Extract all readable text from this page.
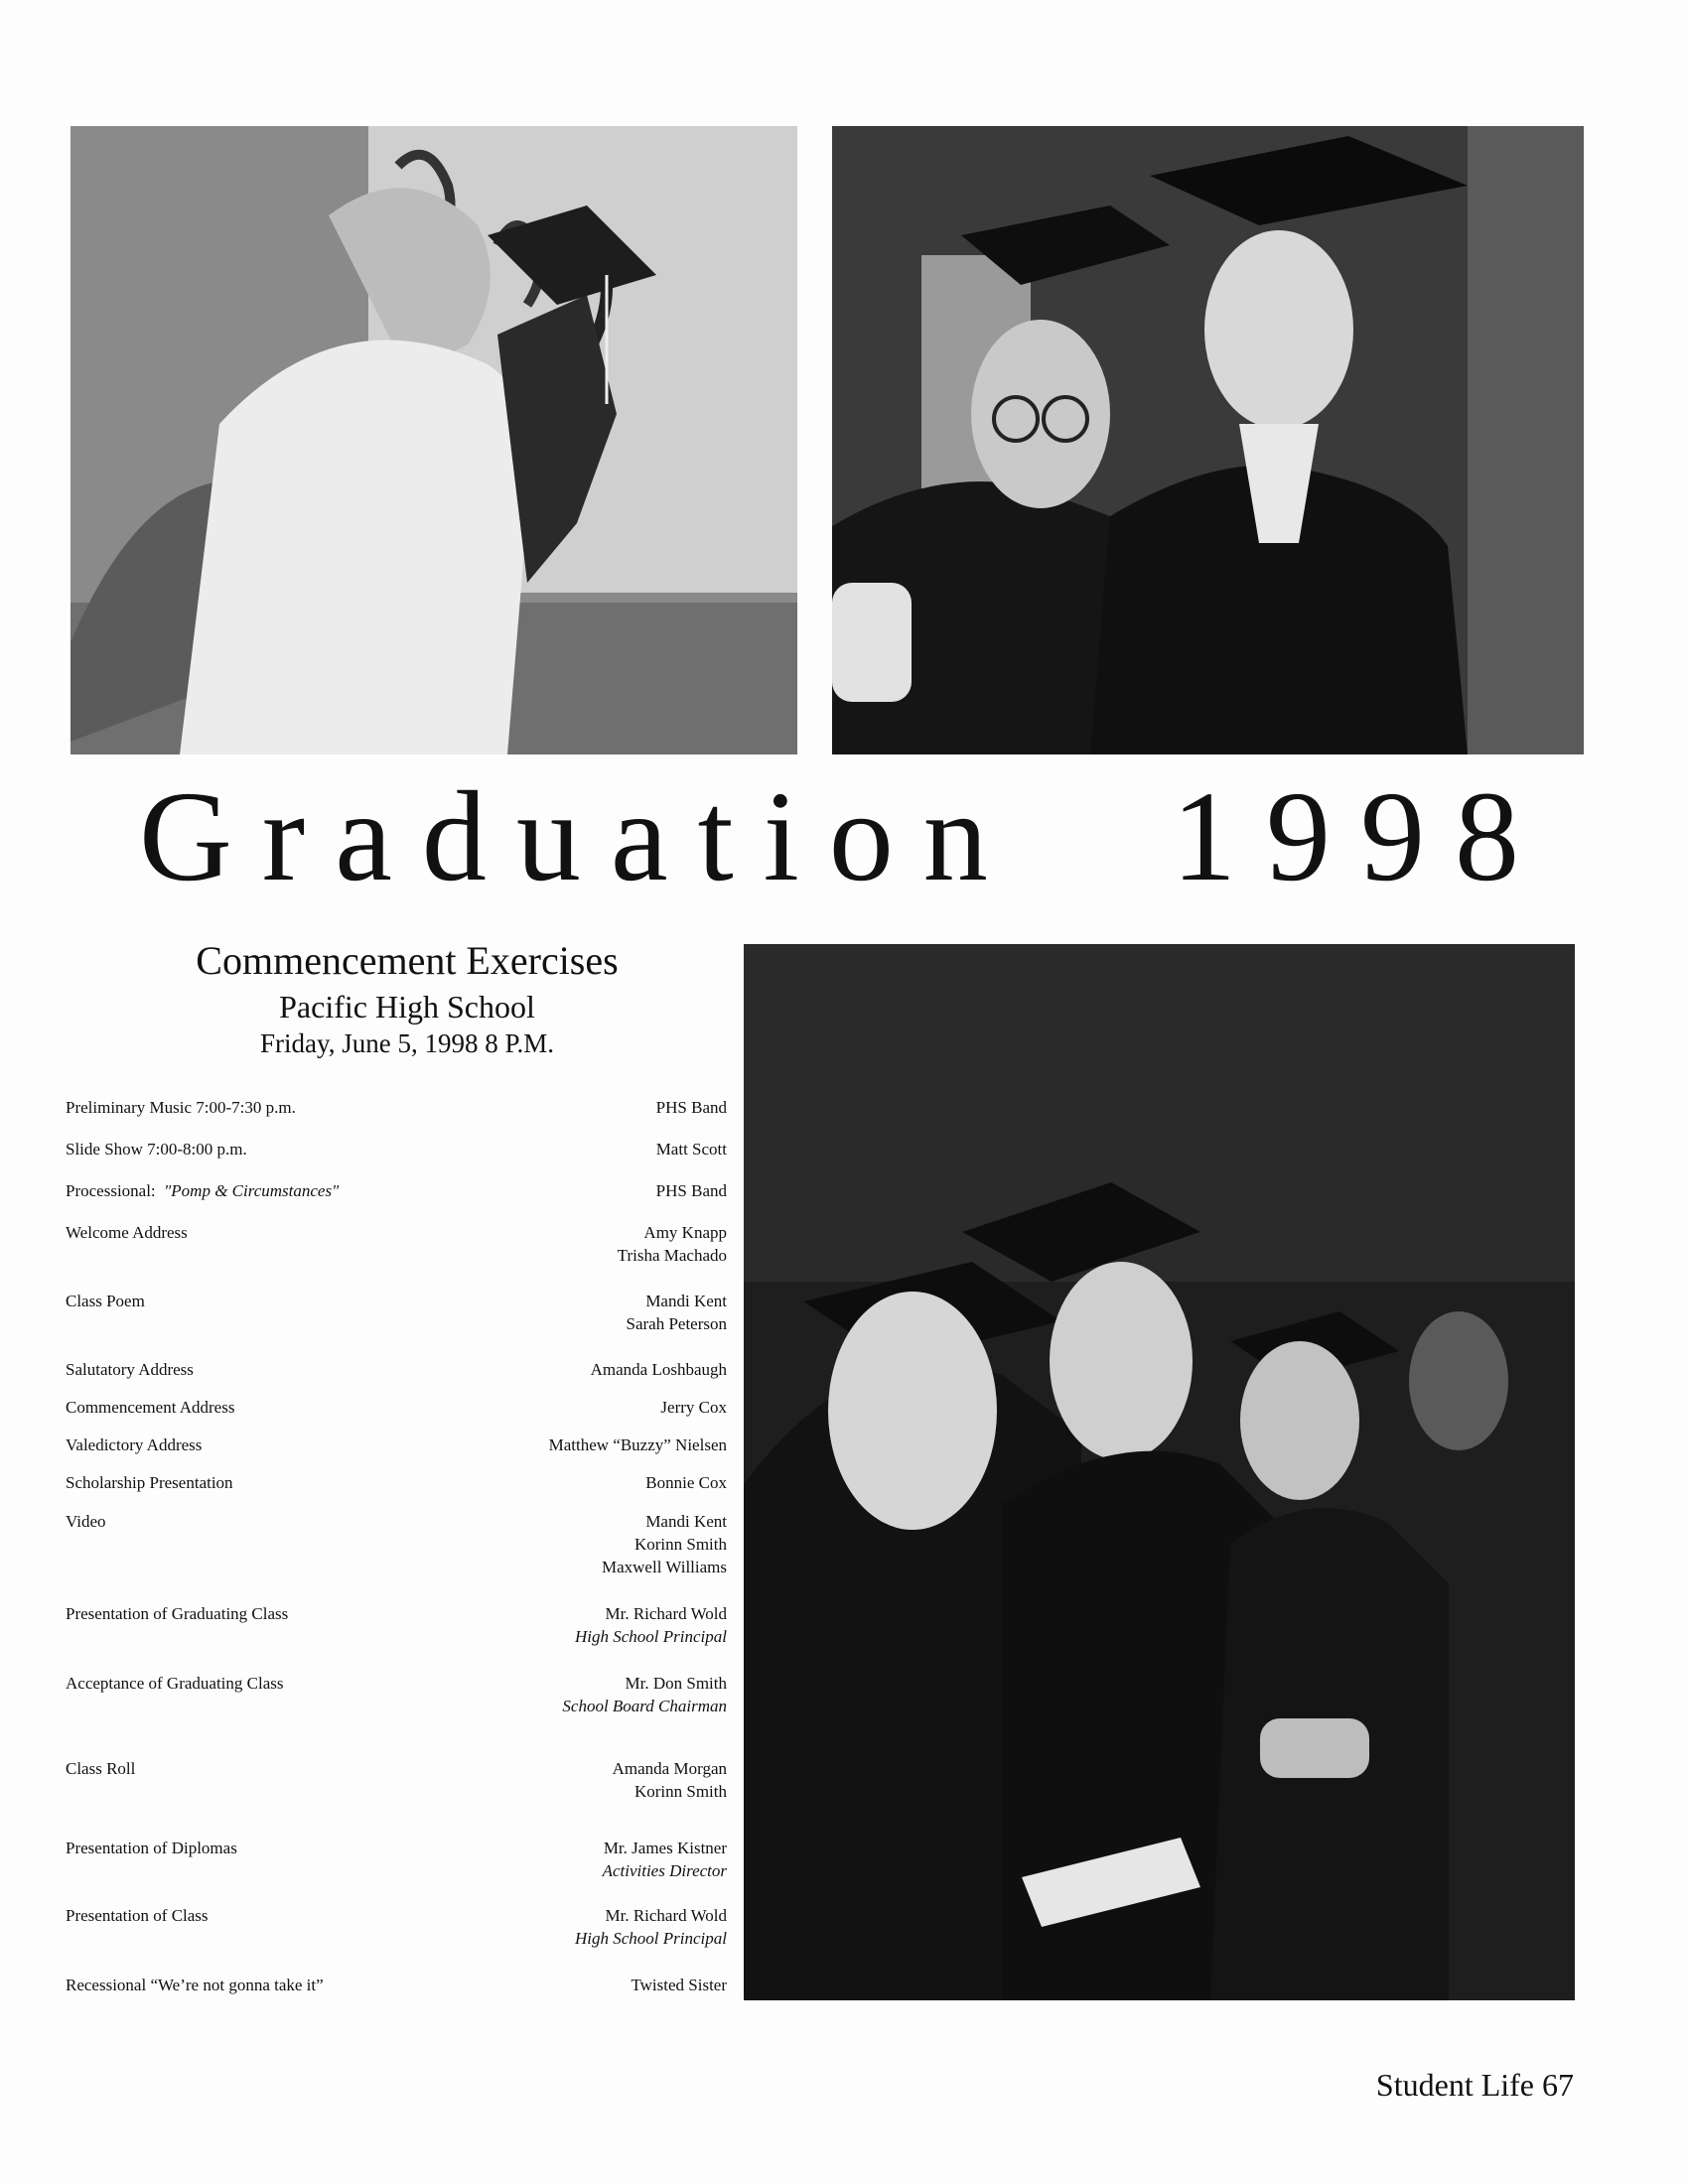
Graduation 1998
Commencement Exercises
Pacific High School
Friday, June 5, 1998 8 P.M.
Preliminary Music 7:00-7:30 p.m.	PHS Band
Slide Show 7:00-8:00 p.m.	Matt Scott
Processional: "Pomp & Circumstances"	PHS Band
Welcome Address	Amy Knapp
Trisha Machado
Class Poem	Mandi Kent
Sarah Peterson
Salutatory Address	Amanda Loshbaugh
Commencement Address	Jerry Cox
Valedictory Address	Matthew “Buzzy” Nielsen
Scholarship Presentation	Bonnie Cox
Video	Mandi Kent
Korinn Smith
Maxwell Williams
Presentation of Graduating Class	Mr. Richard Wold
High School Principal
Acceptance of Graduating Class	Mr. Don Smith
School Board Chairman
Class Roll	Amanda Morgan
Korinn Smith
Presentation of Diplomas	Mr. James Kistner
Activities Director
Presentation of Class	Mr. Richard Wold
High School Principal
Recessional “We’re not gonna take it”	Twisted Sister
Student Life 67
